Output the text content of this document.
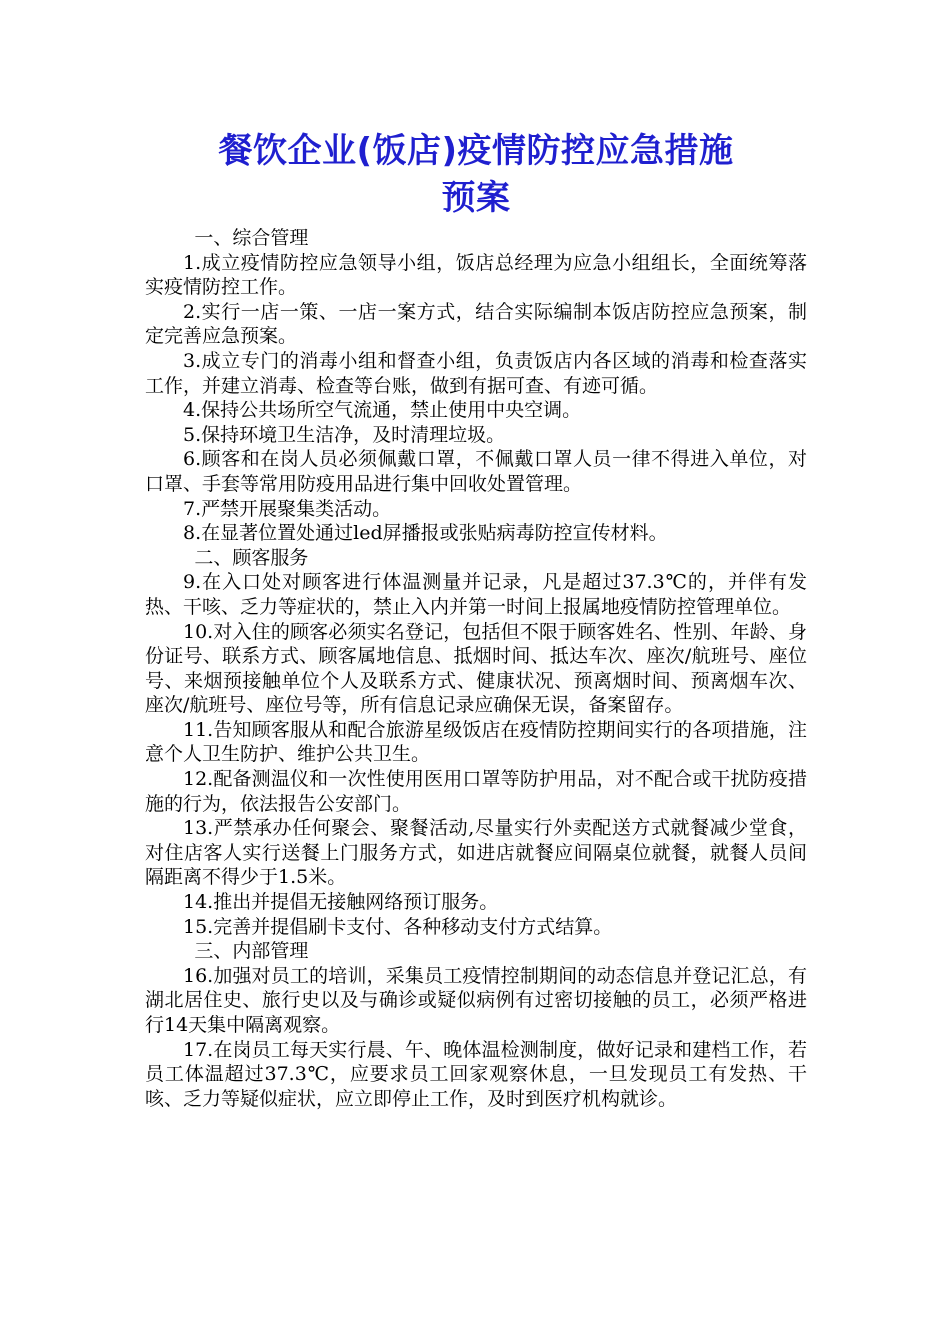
餐饮企业(饭店)疫情防控应急措施
预案

一、综合管理

1.成立疫情防控应急领导小组，饭店总经理为应急小组组长，全面统筹落实疫情防控工作。

2.实行一店一策、一店一案方式，结合实际编制本饭店防控应急预案，制定完善应急预案。

3.成立专门的消毒小组和督查小组，负责饭店内各区域的消毒和检查落实工作，并建立消毒、检查等台账，做到有据可查、有迹可循。

4.保持公共场所空气流通，禁止使用中央空调。

5.保持环境卫生洁净，及时清理垃圾。

6.顾客和在岗人员必须佩戴口罩，不佩戴口罩人员一律不得进入单位，对口罩、手套等常用防疫用品进行集中回收处置管理。

7.严禁开展聚集类活动。

8.在显著位置处通过led屏播报或张贴病毒防控宣传材料。

二、顾客服务

9.在入口处对顾客进行体温测量并记录，凡是超过37.3℃的，并伴有发热、干咳、乏力等症状的，禁止入内并第一时间上报属地疫情防控管理单位。

10.对入住的顾客必须实名登记，包括但不限于顾客姓名、性别、年龄、身份证号、联系方式、顾客属地信息、抵烟时间、抵达车次、座次/航班号、座位号、来烟预接触单位个人及联系方式、健康状况、预离烟时间、预离烟车次、座次/航班号、座位号等，所有信息记录应确保无误，备案留存。

11.告知顾客服从和配合旅游星级饭店在疫情防控期间实行的各项措施，注意个人卫生防护、维护公共卫生。

12.配备测温仪和一次性使用医用口罩等防护用品，对不配合或干扰防疫措施的行为，依法报告公安部门。

13.严禁承办任何聚会、聚餐活动,尽量实行外卖配送方式就餐减少堂食，对住店客人实行送餐上门服务方式，如进店就餐应间隔桌位就餐，就餐人员间隔距离不得少于1.5米。

14.推出并提倡无接触网络预订服务。

15.完善并提倡刷卡支付、各种移动支付方式结算。

三、内部管理

16.加强对员工的培训，采集员工疫情控制期间的动态信息并登记汇总，有湖北居住史、旅行史以及与确诊或疑似病例有过密切接触的员工，必须严格进行14天集中隔离观察。

17.在岗员工每天实行晨、午、晚体温检测制度，做好记录和建档工作，若员工体温超过37.3℃，应要求员工回家观察休息，一旦发现员工有发热、干咳、乏力等疑似症状，应立即停止工作，及时到医疗机构就诊。
